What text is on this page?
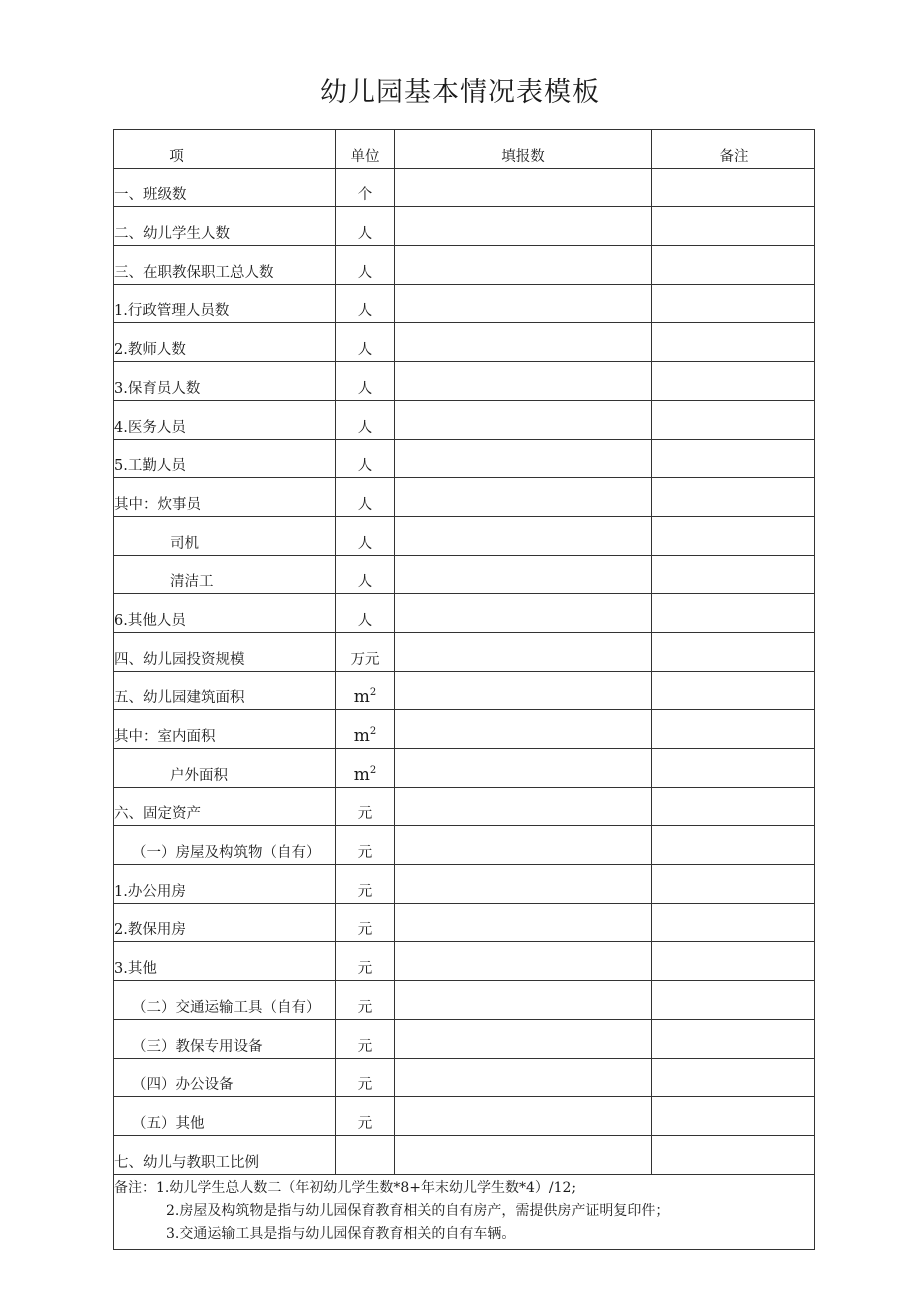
幼儿园基本情况表模板
项	单位	填报数	备注
一、班级数	个		
二、幼儿学生人数	人		
三、在职教保职工总人数	人		
1.行政管理人员数	人		
2.教师人数	人		
3.保育员人数	人		
4.医务人员	人		
5.工勤人员	人		
其中：炊事员	人		
司机	人		
清洁工	人		
6.其他人员	人		
四、幼儿园投资规模	万元		
五、幼儿园建筑面积	$m^2$		
其中：室内面积	$m^2$		
户外面积	$m^2$		
六、固定资产	元		
（一）房屋及构筑物（自有）	元		
1.办公用房	元		
2.教保用房	元		
3.其他	元		
（二）交通运输工具（自有）	元		
（三）教保专用设备	元		
（四）办公设备	元		
（五）其他	元		
七、幼儿与教职工比例			

备注：1.幼儿学生总人数二（年初幼儿学生数*8+年末幼儿学生数*4）/12;
2.房屋及构筑物是指与幼儿园保育教育相关的自有房产，需提供房产证明复印件；
3.交通运输工具是指与幼儿园保育教育相关的自有车辆。			
